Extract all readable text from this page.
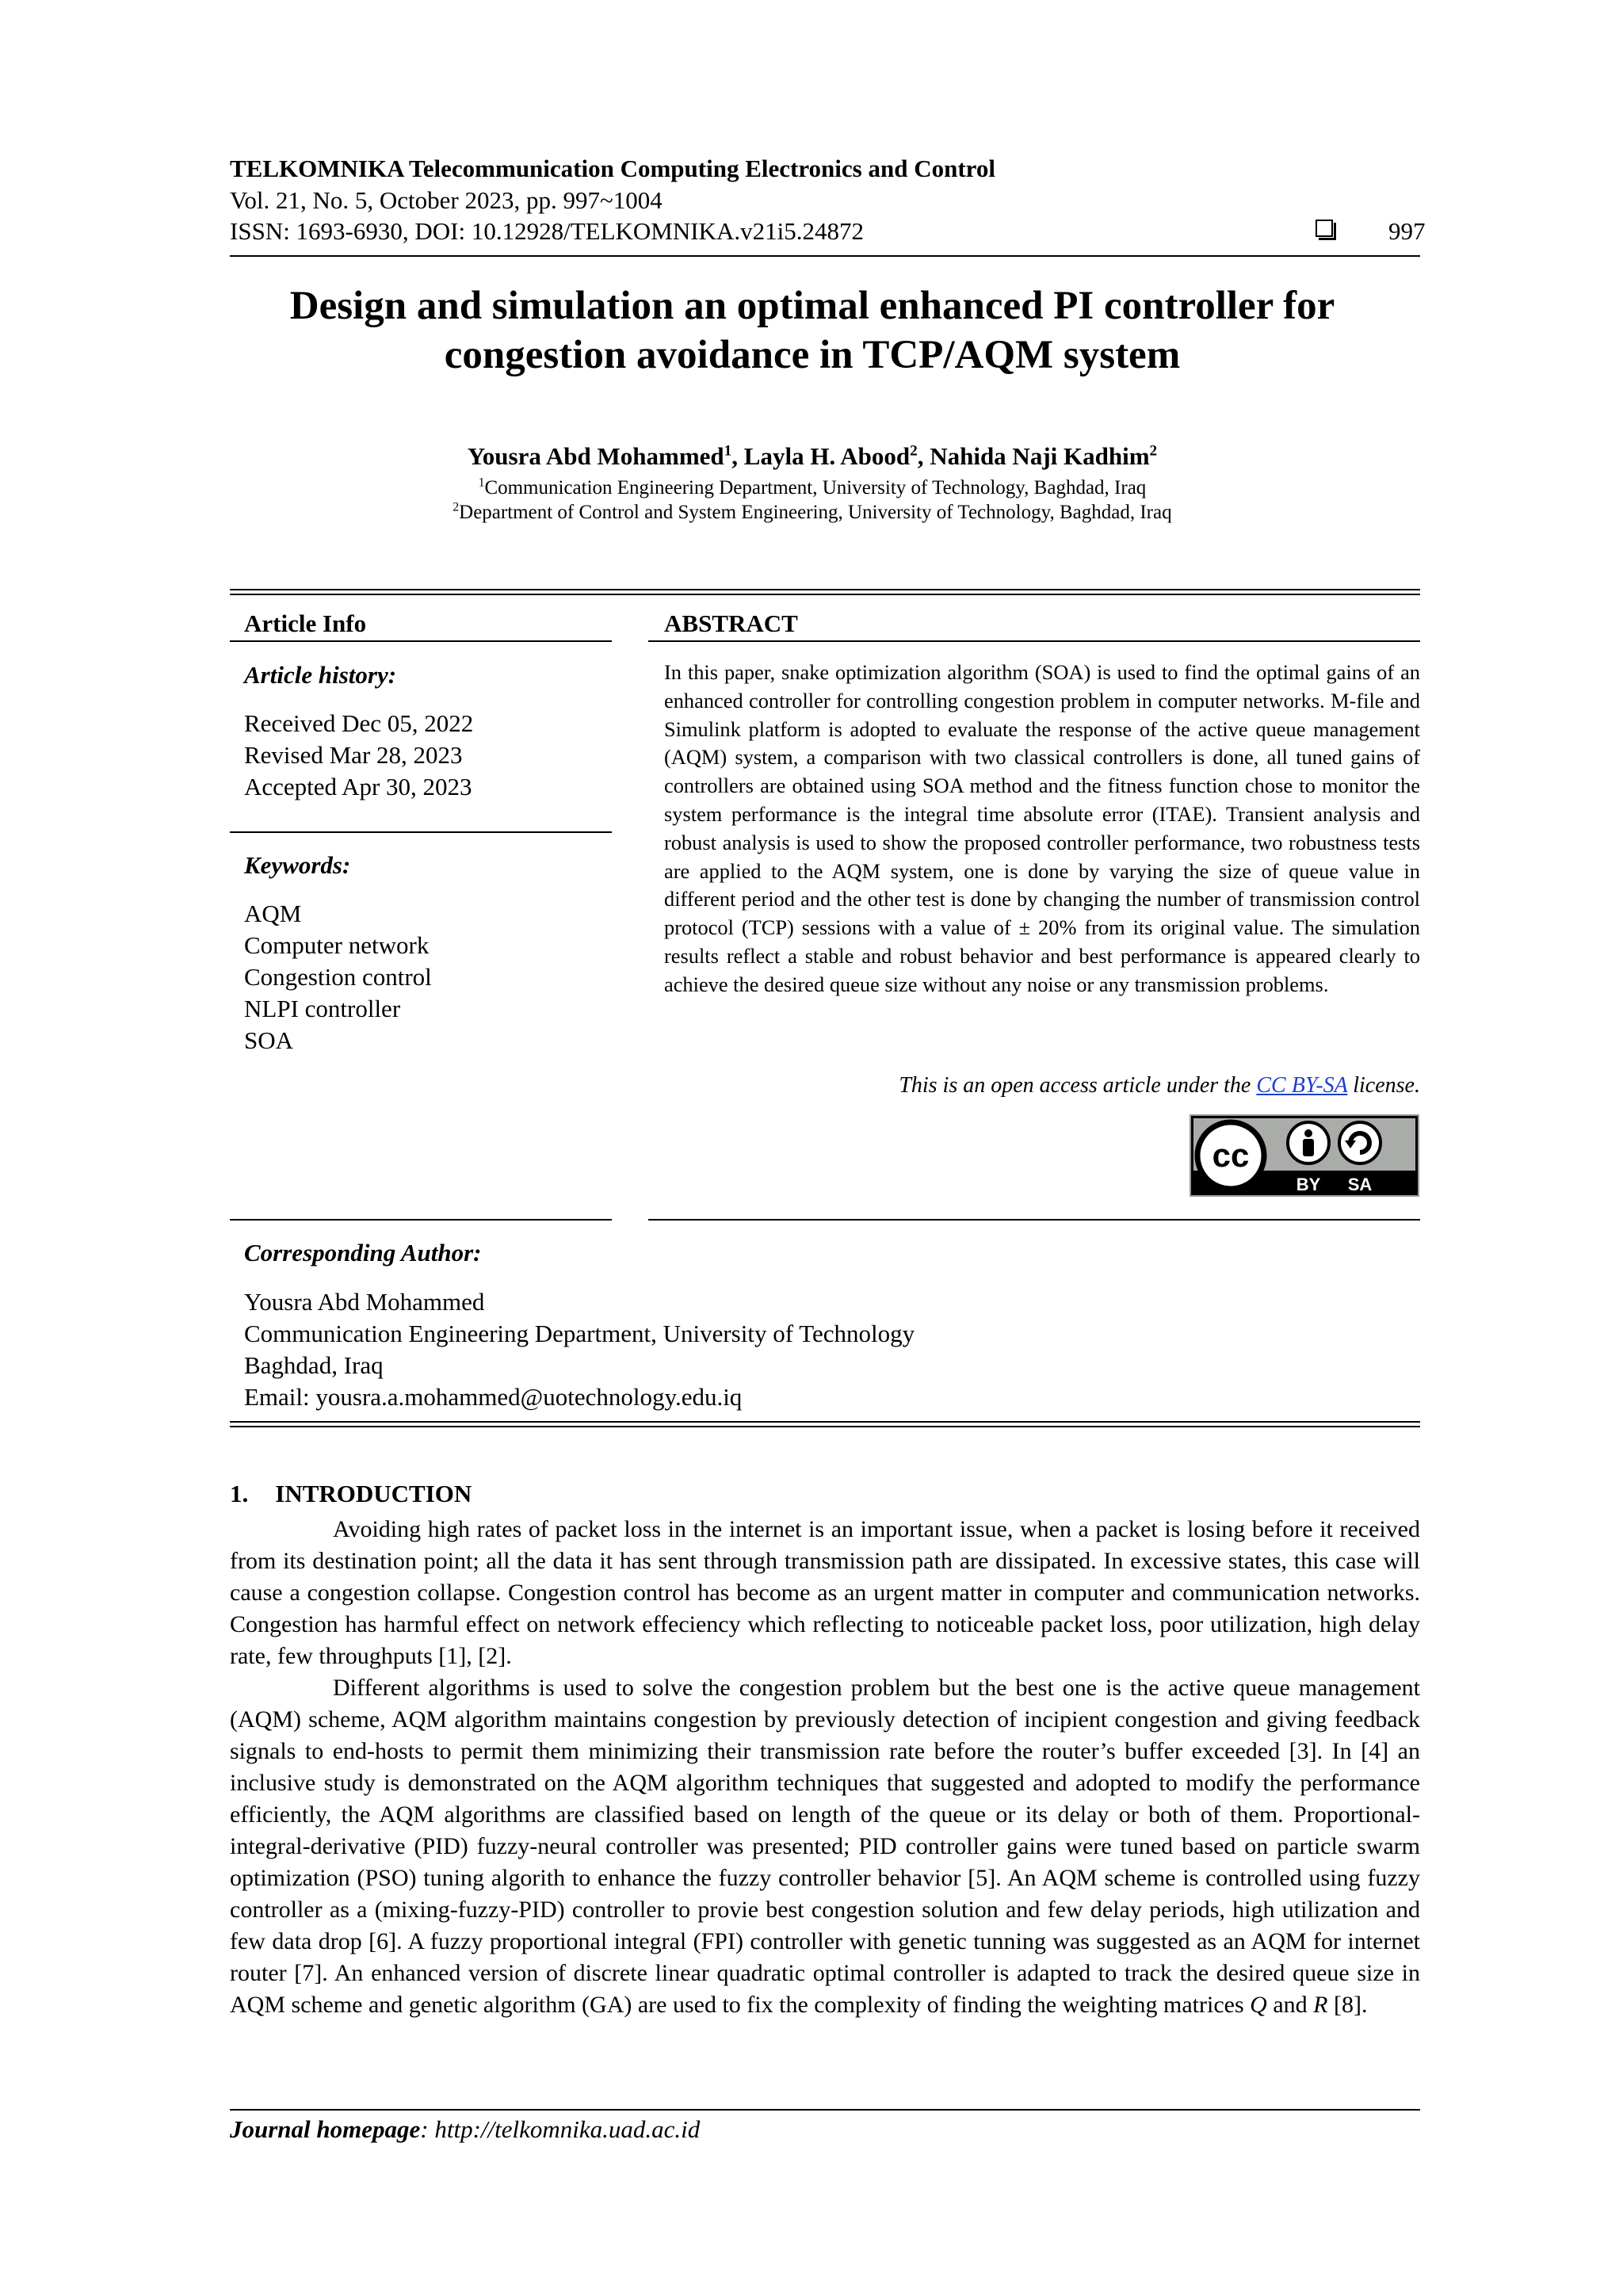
TELKOMNIKA Telecommunication Computing Electronics and Control
Vol. 21, No. 5, October 2023, pp. 997~1004
ISSN: 1693-6930, DOI: 10.12928/TELKOMNIKA.v21i5.24872	997
Design and simulation an optimal enhanced PI controller for
congestion avoidance in TCP/AQM system
Yousra Abd Mohammed$^1$, Layla H. Abood$^2$, Nahida Naji Kadhim$^2$
$^1$Communication Engineering Department, University of Technology, Baghdad, Iraq
$^2$Department of Control and System Engineering, University of Technology, Baghdad, Iraq
Article Info
Article history:
Received Dec 05, 2022
Revised Mar 28, 2023
Accepted Apr 30, 2023
Keywords:
AQM
Computer network
Congestion control
NLPI controller
SOA
ABSTRACT

In this paper, snake optimization algorithm (SOA) is used to find the optimal gains of an enhanced controller for controlling congestion problem in computer networks. M-file and Simulink platform is adopted to evaluate the response of the active queue management (AQM) system, a comparison with two classical controllers is done, all tuned gains of controllers are obtained using SOA method and the fitness function chose to monitor the system performance is the integral time absolute error (ITAE). Transient analysis and robust analysis is used to show the proposed controller performance, two robustness tests are applied to the AQM system, one is done by varying the size of queue value in different period and the other test is done by changing the number of transmission control protocol (TCP) sessions with a value of ± 20% from its original value. The simulation results reflect a stable and robust behavior and best performance is appeared clearly to achieve the desired queue size without any noise or any transmission problems.

This is an open access article under the CC BY-SA license.
cc
BY SA
Corresponding Author:
Yousra Abd Mohammed
Communication Engineering Department, University of Technology
Baghdad, Iraq
Email: yousra.a.mohammed@uotechnology.edu.iq
1. INTRODUCTION

Avoiding high rates of packet loss in the internet is an important issue, when a packet is losing before it received from its destination point; all the data it has sent through transmission path are dissipated. In excessive states, this case will cause a congestion collapse. Congestion control has become as an urgent matter in computer and communication networks. Congestion has harmful effect on network effeciency which reflecting to noticeable packet loss, poor utilization, high delay rate, few throughputs [1], [2].

Different algorithms is used to solve the congestion problem but the best one is the active queue management (AQM) scheme, AQM algorithm maintains congestion by previously detection of incipient congestion and giving feedback signals to end-hosts to permit them minimizing their transmission rate before the router’s buffer exceeded [3]. In [4] an inclusive study is demonstrated on the AQM algorithm techniques that suggested and adopted to modify the performance efficiently, the AQM algorithms are classified based on length of the queue or its delay or both of them. Proportional-integral-derivative (PID) fuzzy-neural controller was presented; PID controller gains were tuned based on particle swarm optimization (PSO) tuning algorith to enhance the fuzzy controller behavior [5]. An AQM scheme is controlled using fuzzy controller as a (mixing-fuzzy-PID) controller to provie best congestion solution and few delay periods, high utilization and few data drop [6]. A fuzzy proportional integral (FPI) controller with genetic tunning was suggested as an AQM for internet router [7]. An enhanced version of discrete linear quadratic optimal controller is adapted to track the desired queue size in AQM scheme and genetic algorithm (GA) are used to fix the complexity of finding the weighting matrices Q and R [8].

Journal homepage: http://telkomnika.uad.ac.id
